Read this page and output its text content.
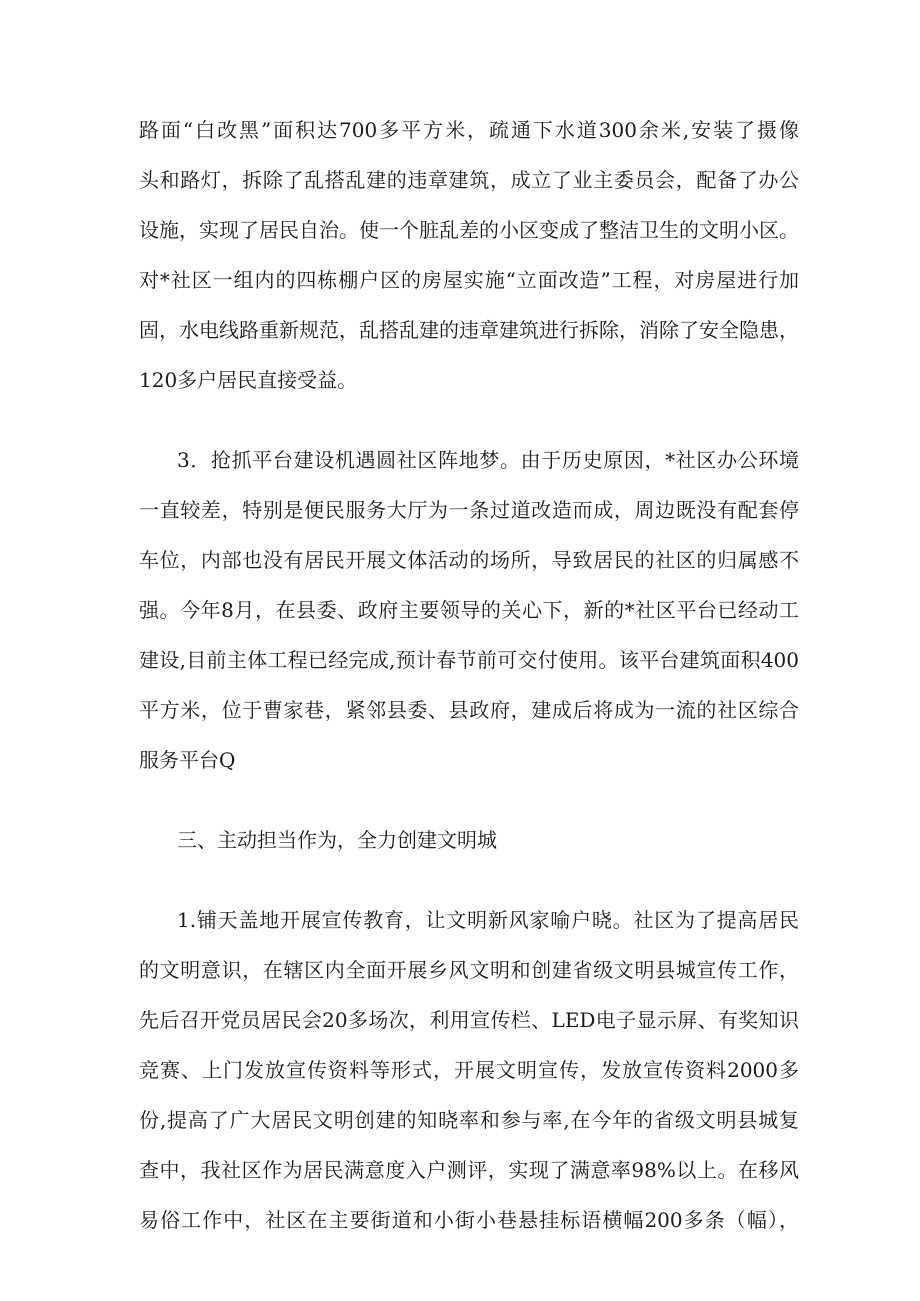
路面“白改黑”面积达700多平方米，疏通下水道300余米,安装了摄像
头和路灯，拆除了乱搭乱建的违章建筑，成立了业主委员会，配备了办公
设施，实现了居民自治。使一个脏乱差的小区变成了整洁卫生的文明小区。
对*社区一组内的四栋棚户区的房屋实施“立面改造”工程，对房屋进行加
固，水电线路重新规范，乱搭乱建的违章建筑进行拆除，消除了安全隐患，
120多户居民直接受益。
3．抢抓平台建设机遇圆社区阵地梦。由于历史原因，*社区办公环境
一直较差，特别是便民服务大厅为一条过道改造而成，周边既没有配套停
车位，内部也没有居民开展文体活动的场所，导致居民的社区的归属感不
强。今年8月，在县委、政府主要领导的关心下，新的*社区平台已经动工
建设,目前主体工程已经完成,预计春节前可交付使用。该平台建筑面积400
平方米，位于曹家巷，紧邻县委、县政府，建成后将成为一流的社区综合
服务平台Q
三、主动担当作为，全力创建文明城
1.铺天盖地开展宣传教育，让文明新风家喻户晓。社区为了提高居民
的文明意识，在辖区内全面开展乡风文明和创建省级文明县城宣传工作，
先后召开党员居民会20多场次，利用宣传栏、LED电子显示屏、有奖知识
竞赛、上门发放宣传资料等形式，开展文明宣传，发放宣传资料2000多
份,提高了广大居民文明创建的知晓率和参与率,在今年的省级文明县城复
查中，我社区作为居民满意度入户测评，实现了满意率98%以上。在移风
易俗工作中，社区在主要街道和小街小巷悬挂标语横幅200多条（幅），
